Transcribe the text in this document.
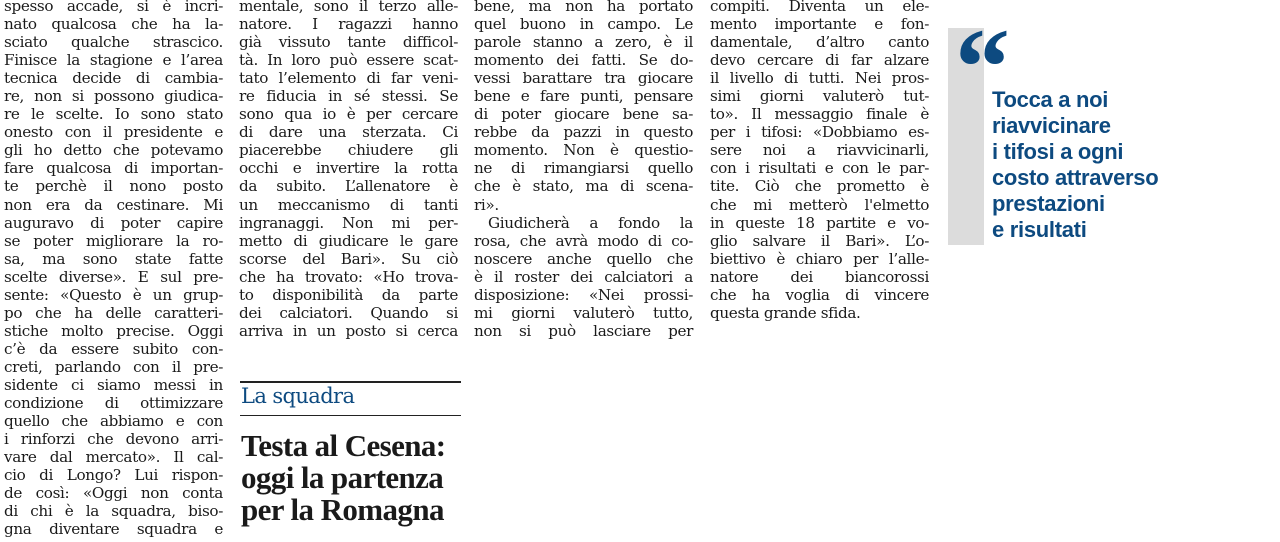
spesso accade, si è incri-
nato qualcosa che ha la-
sciato qualche strascico.
Finisce la stagione e l’area
tecnica decide di cambia-
re, non si possono giudica-
re le scelte. Io sono stato
onesto con il presidente e
gli ho detto che potevamo
fare qualcosa di importan-
te perchè il nono posto
non era da cestinare. Mi
auguravo di poter capire
se poter migliorare la ro-
sa, ma sono state fatte
scelte diverse». E sul pre-
sente: «Questo è un grup-
po che ha delle caratteri-
stiche molto precise. Oggi
c’è da essere subito con-
creti, parlando con il pre-
sidente ci siamo messi in
condizione di ottimizzare
quello che abbiamo e con
i rinforzi che devono arri-
vare dal mercato». Il cal-
cio di Longo? Lui rispon-
de così: «Oggi non conta
di chi è la squadra, biso-
gna diventare squadra e
mentale, sono il terzo alle-
natore. I ragazzi hanno
già vissuto tante difficol-
tà. In loro può essere scat-
tato l’elemento di far veni-
re fiducia in sé stessi. Se
sono qua io è per cercare
di dare una sterzata. Ci
piacerebbe chiudere gli
occhi e invertire la rotta
da subito. L’allenatore è
un meccanismo di tanti
ingranaggi. Non mi per-
metto di giudicare le gare
scorse del Bari». Su ciò
che ha trovato: «Ho trova-
to disponibilità da parte
dei calciatori. Quando si
arriva in un posto si cerca
bene, ma non ha portato
quel buono in campo. Le
parole stanno a zero, è il
momento dei fatti. Se do-
vessi barattare tra giocare
bene e fare punti, pensare
di poter giocare bene sa-
rebbe da pazzi in questo
momento. Non è questio-
ne di rimangiarsi quello
che è stato, ma di scena-
ri».
Giudicherà a fondo la
rosa, che avrà modo di co-
noscere anche quello che
è il roster dei calciatori a
disposizione: «Nei prossi-
mi giorni valuterò tutto,
non si può lasciare per
compiti. Diventa un ele-
mento importante e fon-
damentale, d’altro canto
devo cercare di far alzare
il livello di tutti. Nei pros-
simi giorni valuterò tut-
to». Il messaggio finale è
per i tifosi: «Dobbiamo es-
sere noi a riavvicinarli,
con i risultati e con le par-
tite. Ciò che prometto è
che mi metterò l'elmetto
in queste 18 partite e vo-
glio salvare il Bari». L’o-
biettivo è chiaro per l’alle-
natore dei biancorossi
che ha voglia di vincere
questa grande sfida.
La squadra
Testa al Cesena:
oggi la partenza
per la Romagna
“
Tocca a noi
riavvicinare
i tifosi a ogni
costo attraverso
prestazioni
e risultati
